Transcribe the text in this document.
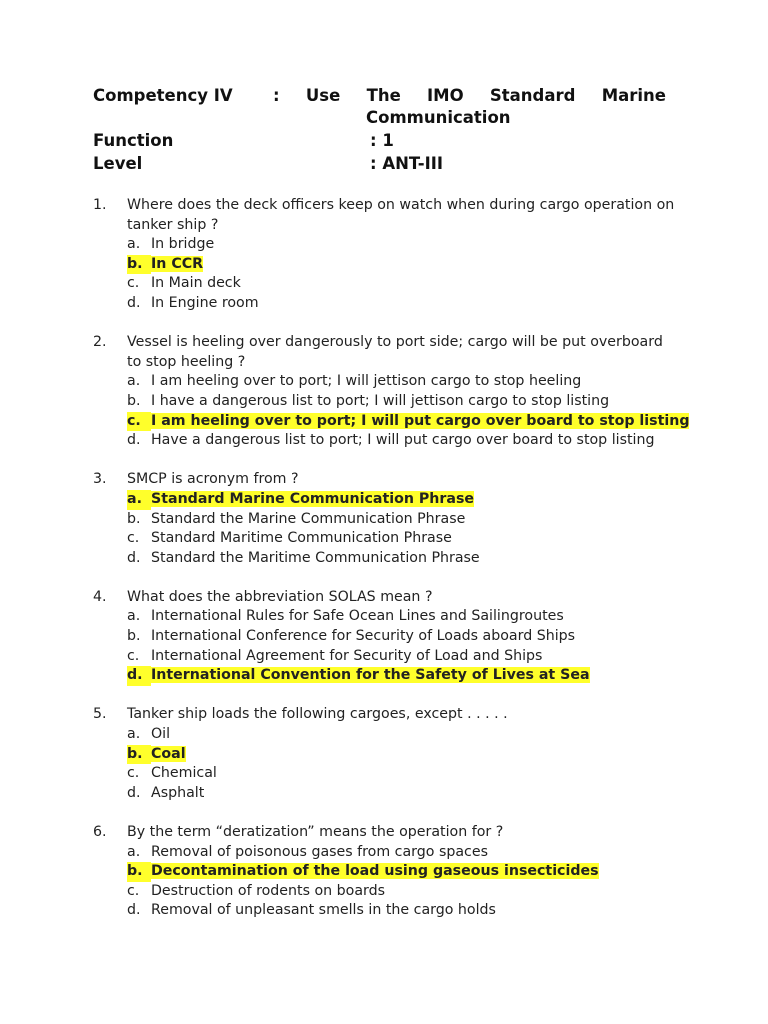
Competency IV : Use The IMO Standard Marine
Communication
Function	: 1
Level	: ANT-III
1. Where does the deck officers keep on watch when during cargo operation on tanker ship ?
a. In bridge
b. In CCR
c. In Main deck
d. In Engine room
2. Vessel is heeling over dangerously to port side; cargo will be put overboard to stop heeling ?
a. I am heeling over to port; I will jettison cargo to stop heeling
b. I have a dangerous list to port; I will jettison cargo to stop listing
c. I am heeling over to port; I will put cargo over board to stop listing
d. Have a dangerous list to port; I will put cargo over board to stop listing
3. SMCP is acronym from ?
a. Standard Marine Communication Phrase
b. Standard the Marine Communication Phrase
c. Standard Maritime Communication Phrase
d. Standard the Maritime Communication Phrase
4. What does the abbreviation SOLAS mean ?
a. International Rules for Safe Ocean Lines and Sailingroutes
b. International Conference for Security of Loads aboard Ships
c. International Agreement for Security of Load and Ships
d. International Convention for the Safety of Lives at Sea
5. Tanker ship loads the following cargoes, except . . . . .
a. Oil
b. Coal
c. Chemical
d. Asphalt
6. By the term “deratization” means the operation for ?
a. Removal of poisonous gases from cargo spaces
b. Decontamination of the load using gaseous insecticides
c. Destruction of rodents on boards
d. Removal of unpleasant smells in the cargo holds
